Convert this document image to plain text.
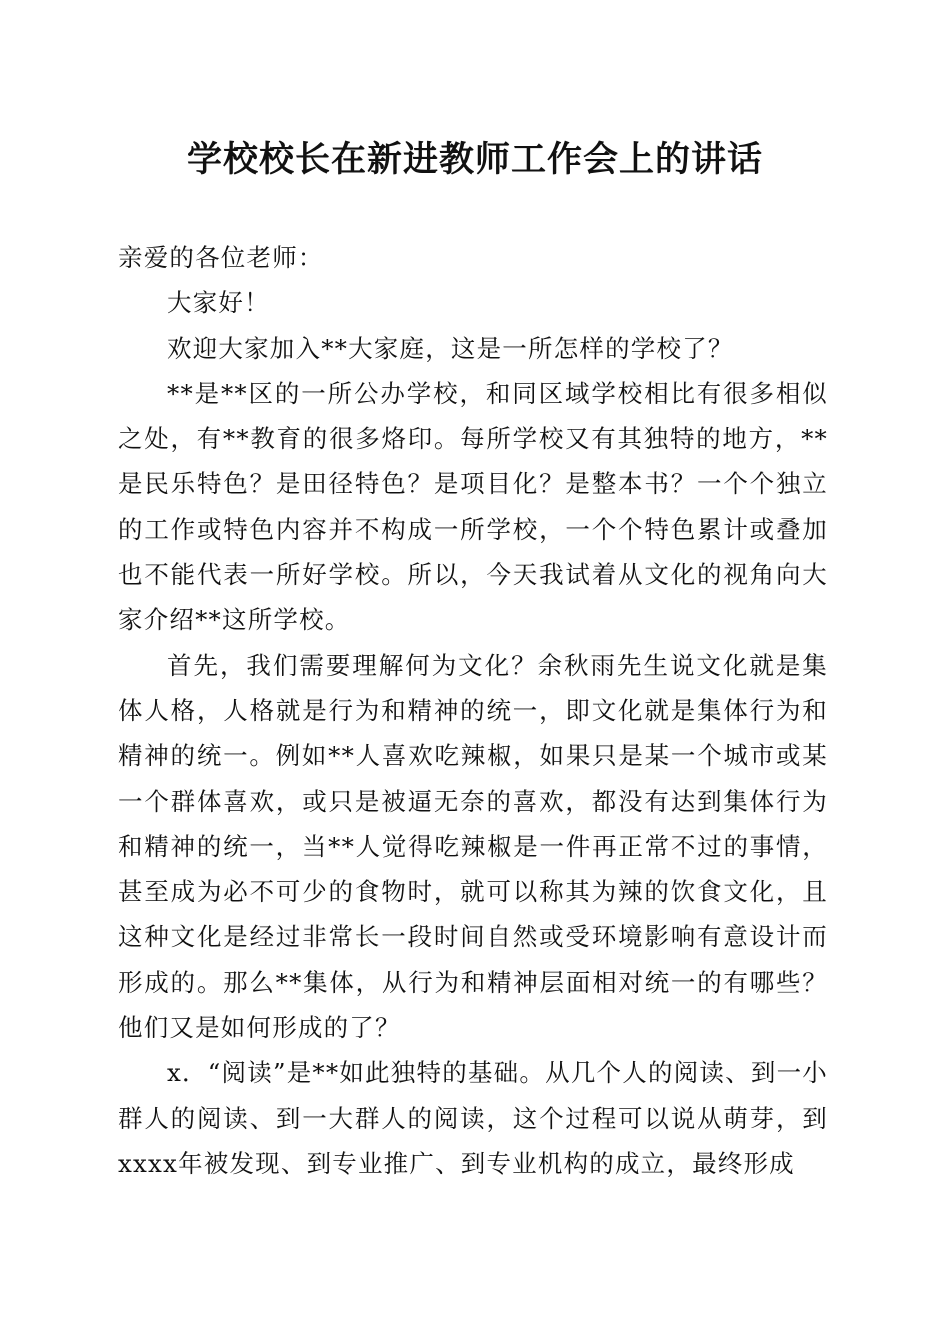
学校校长在新进教师工作会上的讲话

亲爱的各位老师：

大家好！

欢迎大家加入**大家庭，这是一所怎样的学校了？

**是**区的一所公办学校，和同区域学校相比有很多相似之处，有**教育的很多烙印。每所学校又有其独特的地方，**是民乐特色？是田径特色？是项目化？是整本书？一个个独立的工作或特色内容并不构成一所学校，一个个特色累计或叠加也不能代表一所好学校。所以，今天我试着从文化的视角向大家介绍**这所学校。

首先，我们需要理解何为文化？余秋雨先生说文化就是集体人格，人格就是行为和精神的统一，即文化就是集体行为和精神的统一。例如**人喜欢吃辣椒，如果只是某一个城市或某一个群体喜欢，或只是被逼无奈的喜欢，都没有达到集体行为和精神的统一，当**人觉得吃辣椒是一件再正常不过的事情，甚至成为必不可少的食物时，就可以称其为辣的饮食文化，且这种文化是经过非常长一段时间自然或受环境影响有意设计而形成的。那么**集体，从行为和精神层面相对统一的有哪些？他们又是如何形成的了？

x．“阅读”是**如此独特的基础。从几个人的阅读、到一小群人的阅读、到一大群人的阅读，这个过程可以说从萌芽，到xxxx年被发现、到专业推广、到专业机构的成立，最终形成
